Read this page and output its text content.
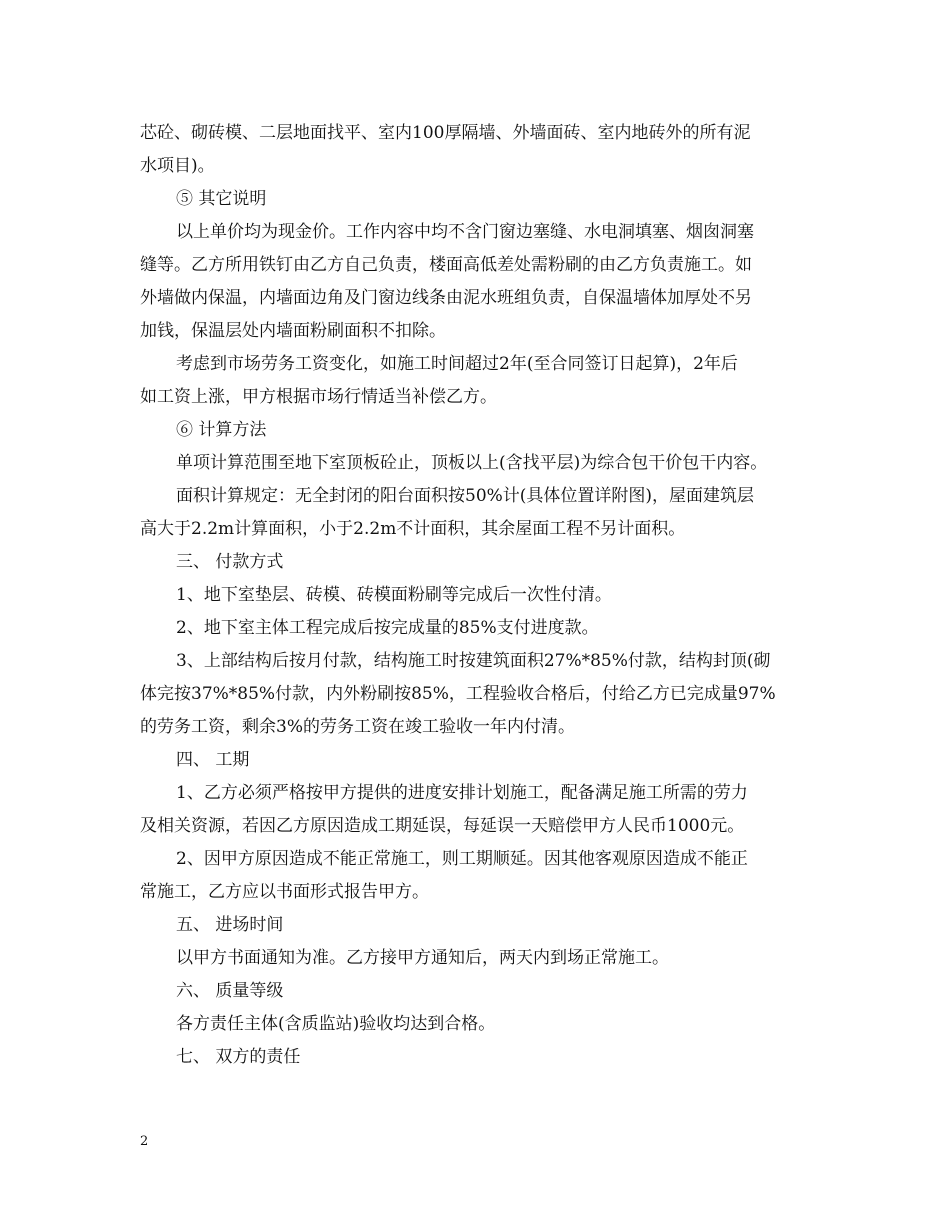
芯砼、砌砖模、二层地面找平、室内100厚隔墙、外墙面砖、室内地砖外的所有泥
水项目)。
⑤ 其它说明
以上单价均为现金价。工作内容中均不含门窗边塞缝、水电洞填塞、烟囱洞塞
缝等。乙方所用铁钉由乙方自己负责，楼面高低差处需粉刷的由乙方负责施工。如
外墙做内保温，内墙面边角及门窗边线条由泥水班组负责，自保温墙体加厚处不另
加钱，保温层处内墙面粉刷面积不扣除。
考虑到市场劳务工资变化，如施工时间超过2年(至合同签订日起算)，2年后
如工资上涨，甲方根据市场行情适当补偿乙方。
⑥ 计算方法
单项计算范围至地下室顶板砼止，顶板以上(含找平层)为综合包干价包干内容。
面积计算规定：无全封闭的阳台面积按50%计(具体位置详附图)，屋面建筑层
高大于2.2m计算面积，小于2.2m不计面积，其余屋面工程不另计面积。
三、 付款方式
1、地下室垫层、砖模、砖模面粉刷等完成后一次性付清。
2、地下室主体工程完成后按完成量的85%支付进度款。
3、上部结构后按月付款，结构施工时按建筑面积27%*85%付款，结构封顶(砌
体完按37%*85%付款，内外粉刷按85%，工程验收合格后，付给乙方已完成量97%
的劳务工资，剩余3%的劳务工资在竣工验收一年内付清。
四、 工期
1、乙方必须严格按甲方提供的进度安排计划施工，配备满足施工所需的劳力
及相关资源，若因乙方原因造成工期延误，每延误一天赔偿甲方人民币1000元。
2、因甲方原因造成不能正常施工，则工期顺延。因其他客观原因造成不能正
常施工，乙方应以书面形式报告甲方。
五、 进场时间
以甲方书面通知为准。乙方接甲方通知后，两天内到场正常施工。
六、 质量等级
各方责任主体(含质监站)验收均达到合格。
七、 双方的责任
2
